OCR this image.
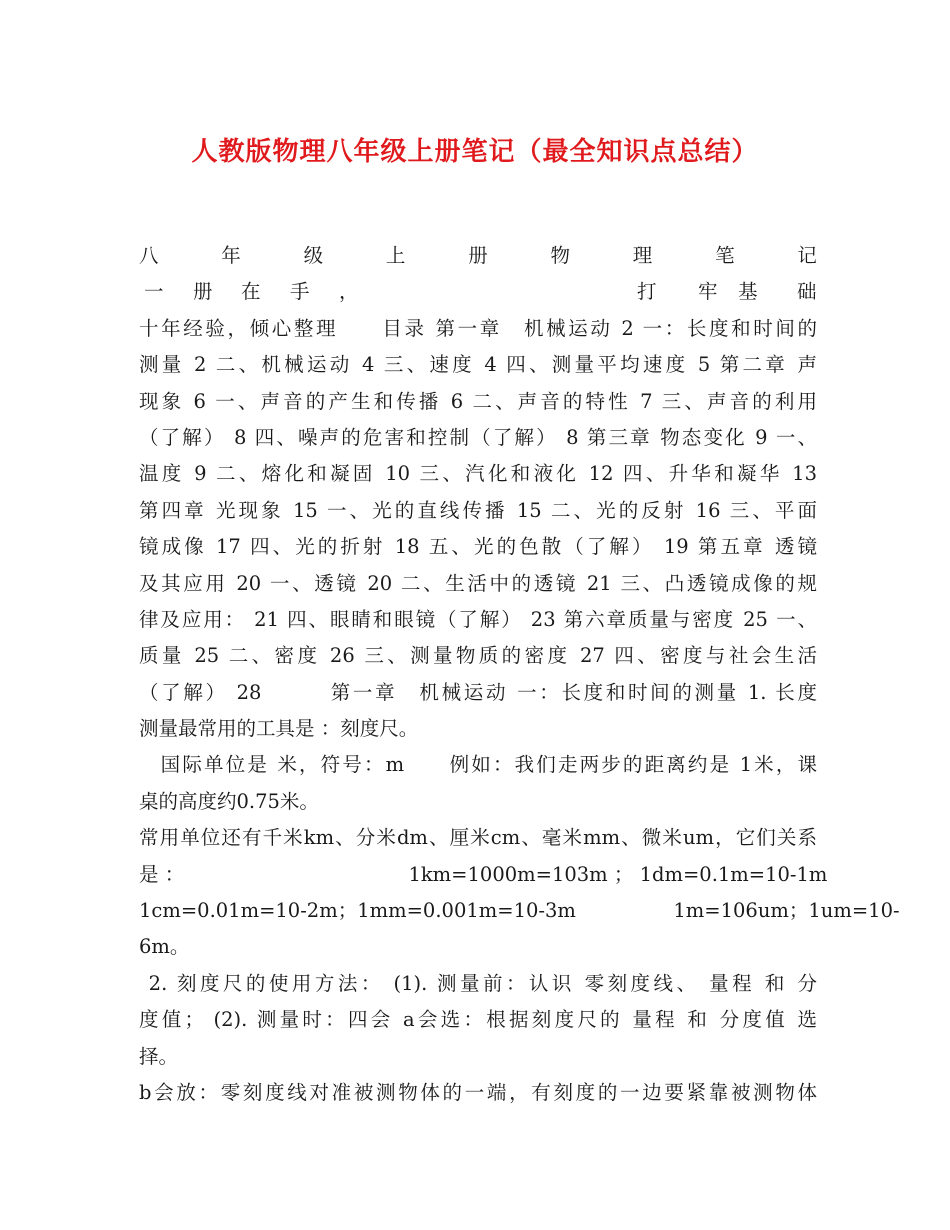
人教版物理八年级上册笔记（最全知识点总结）
八	年	级	上	册	物	理	笔	记
一 册 在 手 ，	打 牢 基 础
十年经验，倾心整理　　目录 第一章　机械运动 2 一：长度和时间的
测量 2 二、机械运动 4 三、速度 4 四、测量平均速度 5 第二章 声
现象 6 一、声音的产生和传播 6 二、声音的特性 7 三、声音的利用
（了解） 8 四、噪声的危害和控制（了解） 8 第三章 物态变化 9 一、
温度 9 二、熔化和凝固 10 三、汽化和液化 12 四、升华和凝华 13
第四章 光现象 15 一、光的直线传播 15 二、光的反射 16 三、平面
镜成像 17 四、光的折射 18 五、光的色散（了解） 19 第五章 透镜
及其应用 20 一、透镜 20 二、生活中的透镜 21 三、凸透镜成像的规
律及应用： 21 四、眼睛和眼镜（了解） 23 第六章质量与密度 25 一、
质量 25 二、密度 26 三、测量物质的密度 27 四、密度与社会生活
（了解） 28　　　第一章　机械运动 一：长度和时间的测量 1. 长度
测量最常用的工具是 ：刻度尺。
　国际单位是 米，符号：m　　例如：我们走两步的距离约是 1米，课
桌的高度约0.75米。
常用单位还有千米km、分米dm、厘米cm、毫米mm、微米um，它们关系
是 ：　　　　　　　　　　　　1km=1000m=103m ； 1dm=0.1m=10-1m
1cm=0.01m=10-2m；1mm=0.001m=10-3m　　　　　1m=106um；1um=10-
6m。
2. 刻度尺的使用方法： (1). 测量前：认识 零刻度线、 量程 和 分
度值； (2). 测量时：四会 a会选：根据刻度尺的 量程 和 分度值 选
择。
b会放：零刻度线对准被测物体的一端，有刻度的一边要紧靠被测物体
